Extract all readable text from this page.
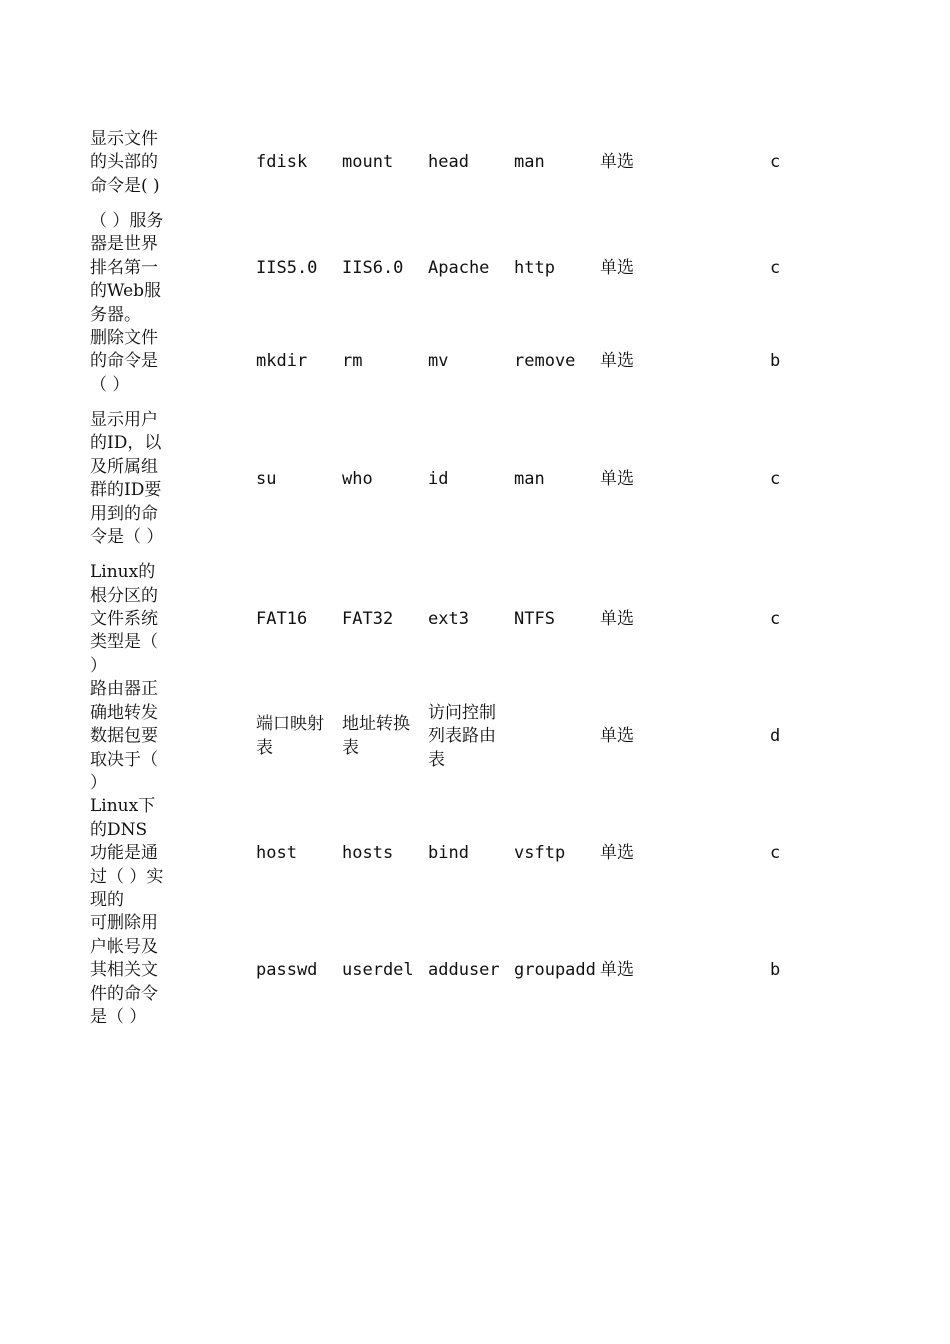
显示文件的头部的命令是( )		fdisk	mount	head	man	单选		c
（ ）服务器是世界排名第一的Web服务器。		IIS5.0	IIS6.0	Apache	http	单选		c
删除文件的命令是（ ）		mkdir	rm	mv	remove	单选		b
显示用户的ID，以及所属组群的ID要用到的命令是（ ）		su	who	id	man	单选		c
Linux的根分区的文件系统类型是（ ）		FAT16	FAT32	ext3	NTFS	单选		c
路由器正确地转发数据包要取决于（ ）		端口映射表	地址转换表	访问控制列表路由表		单选		d
Linux下的DNS功能是通过（ ）实现的		host	hosts	bind	vsftp	单选		c
可删除用户帐号及其相关文件的命令是（ ）		passwd	userdel	adduser	groupadd	单选		b
